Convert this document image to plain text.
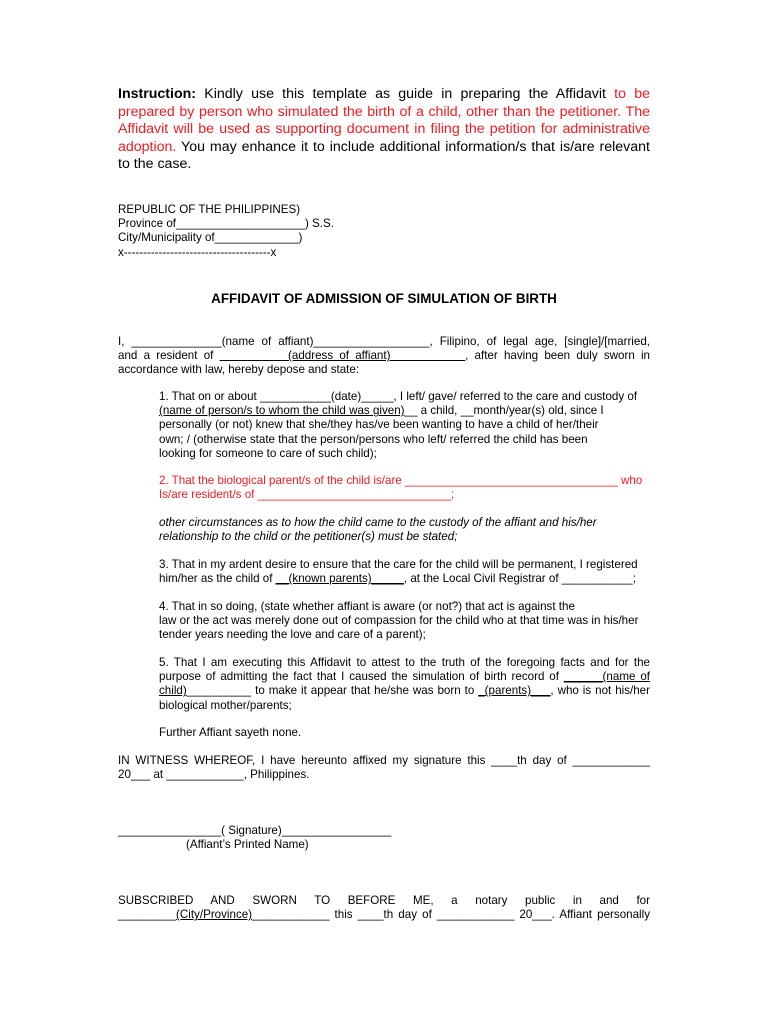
Instruction: Kindly use this template as guide in preparing the Affidavit to be prepared by person who simulated the birth of a child, other than the petitioner. The Affidavit will be used as supporting document in filing the petition for administrative adoption. You may enhance it to include additional information/s that is/are relevant to the case.

REPUBLIC OF THE PHILIPPINES)
Province of____________________) S.S.
City/Municipality of_____________)
x--------------------------------------x
AFFIDAVIT OF ADMISSION OF SIMULATION OF BIRTH
I, ______________(name of affiant)__________________, Filipino, of legal age, [single]/[married,
and a resident of            (address of affiant)            , after having been duly sworn in
accordance with law, hereby depose and state:
1. That on or about ___________(date)_____, I left/ gave/ referred to the care and custody of
(name of person/s to whom the child was given)__ a child, __month/year(s) old, since I
personally (or not) knew that she/they has/ve been wanting to have a child of her/their
own; / (otherwise state that the person/persons who left/ referred the child has been
looking for someone to care of such child);
2. That the biological parent/s of the child is/are _________________________________ who
Is/are resident/s of ______________________________;
other circumstances as to how the child came to the custody of the affiant and his/her
relationship to the child or the petitioner(s) must be stated;
3. That in my ardent desire to ensure that the care for the child will be permanent, I registered
him/her as the child of __(known parents)_____, at the Local Civil Registrar of ___________;
4. That in so doing, (state whether affiant is aware (or not?) that act is against the
law or the act was merely done out of compassion for the child who at that time was in his/her
tender years needing the love and care of a parent);
5. That I am executing this Affidavit to attest to the truth of the foregoing facts and for the
purpose of admitting the fact that I caused the simulation of birth record of ______(name of
child)__________ to make it appear that he/she was born to _(parents)___, who is not his/her
biological mother/parents;
Further Affiant sayeth none.
IN WITNESS WHEREOF, I have hereunto affixed my signature this ____th day of ____________
20___ at ____________, Philippines.
________________( Signature)_________________
(Affiant’s Printed Name)
SUBSCRIBED AND SWORN TO BEFORE ME, a notary public in and for
_________(City/Province)____________ this ____th day of ____________ 20___. Affiant personally
